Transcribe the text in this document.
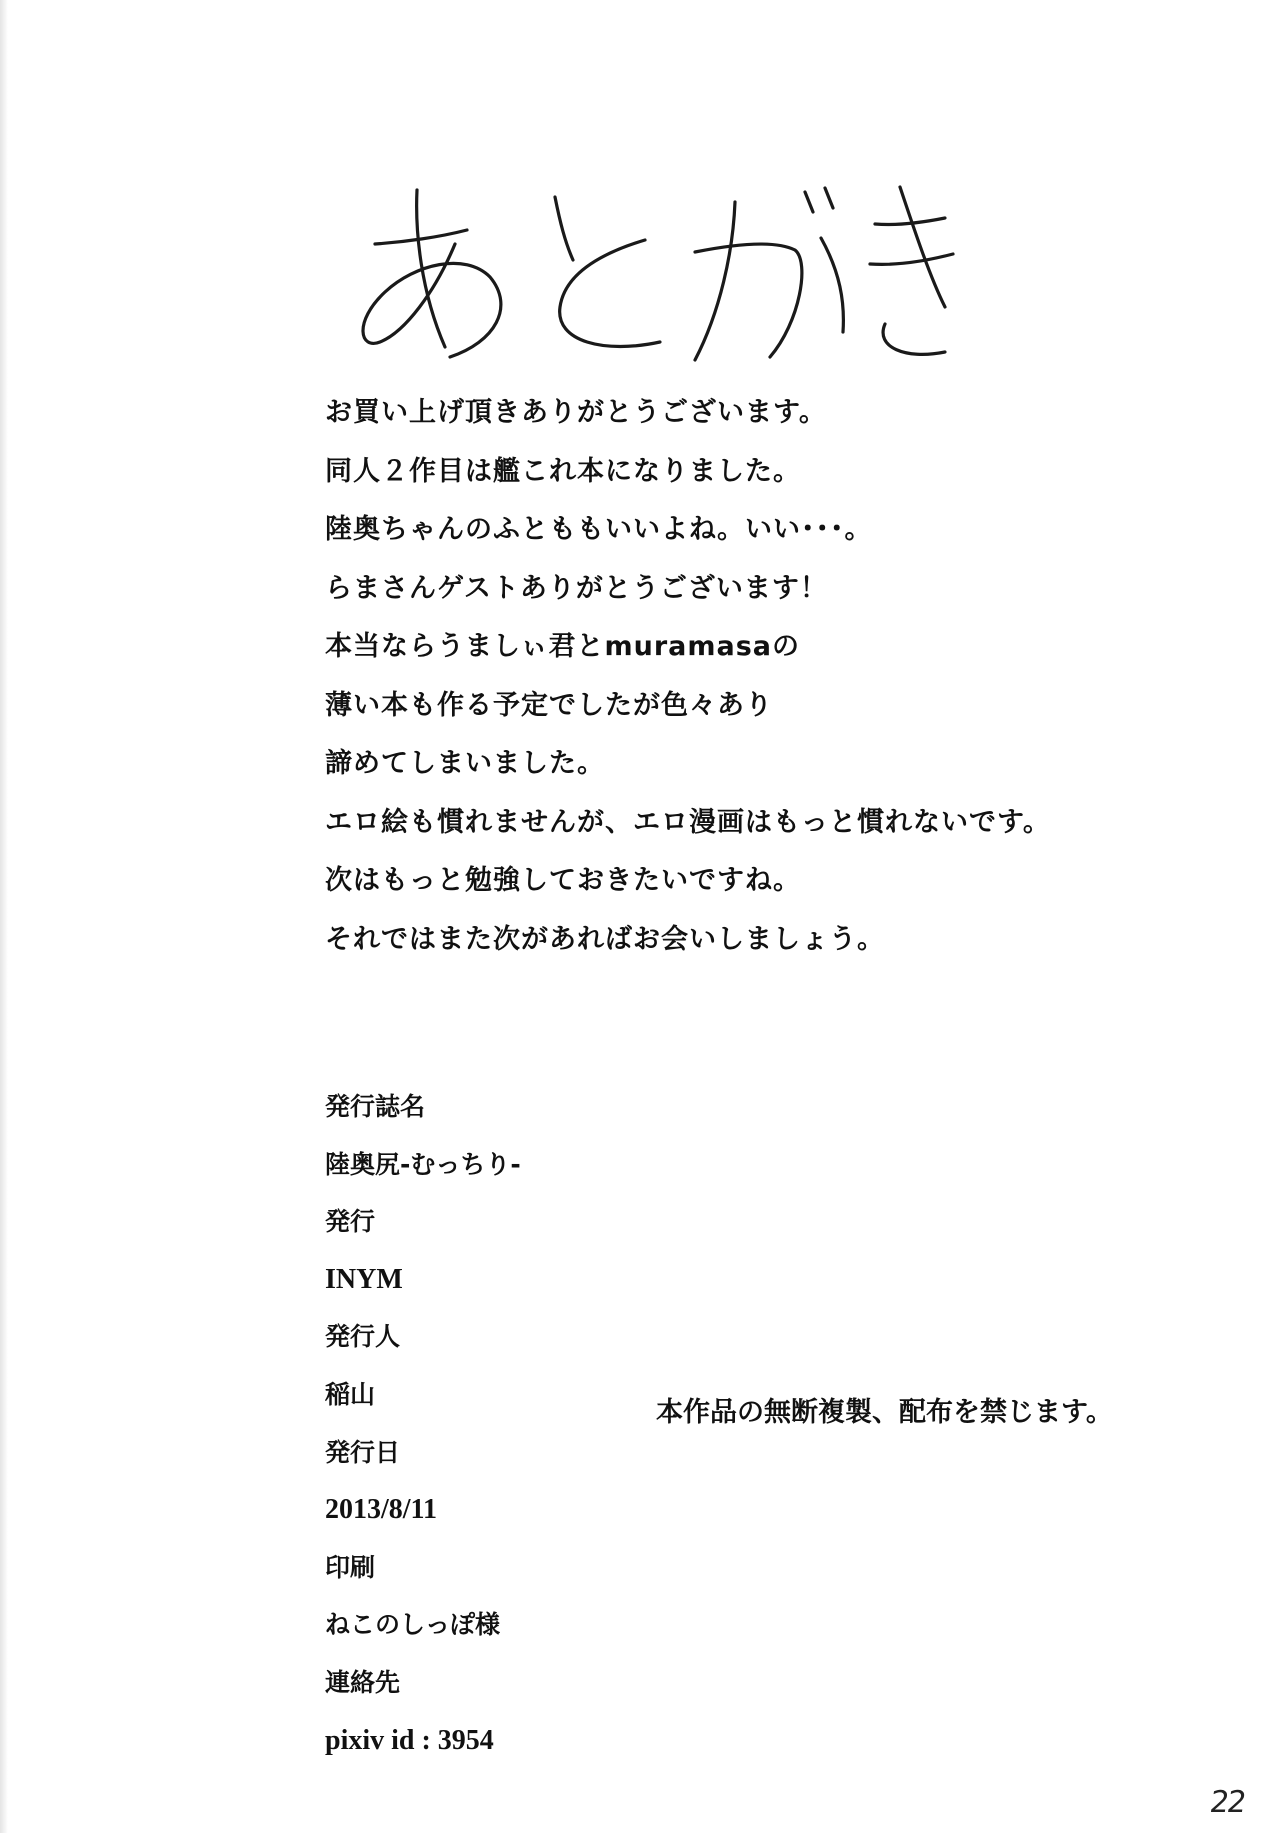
お買い上げ頂きありがとうございます。
同人２作目は艦これ本になりました。
陸奥ちゃんのふとももいいよね。いい･･･。
らまさんゲストありがとうございます！
本当ならうましぃ君とmuramasaの
薄い本も作る予定でしたが色々あり
諦めてしまいました。
エロ絵も慣れませんが、エロ漫画はもっと慣れないです。
次はもっと勉強しておきたいですね。
それではまた次があればお会いしましょう。
発行誌名
陸奥尻-むっちり-
発行
INYM
発行人
稲山
発行日
2013/8/11
印刷
ねこのしっぽ様
連絡先
pixiv id : 3954
本作品の無断複製、配布を禁じます。
22
